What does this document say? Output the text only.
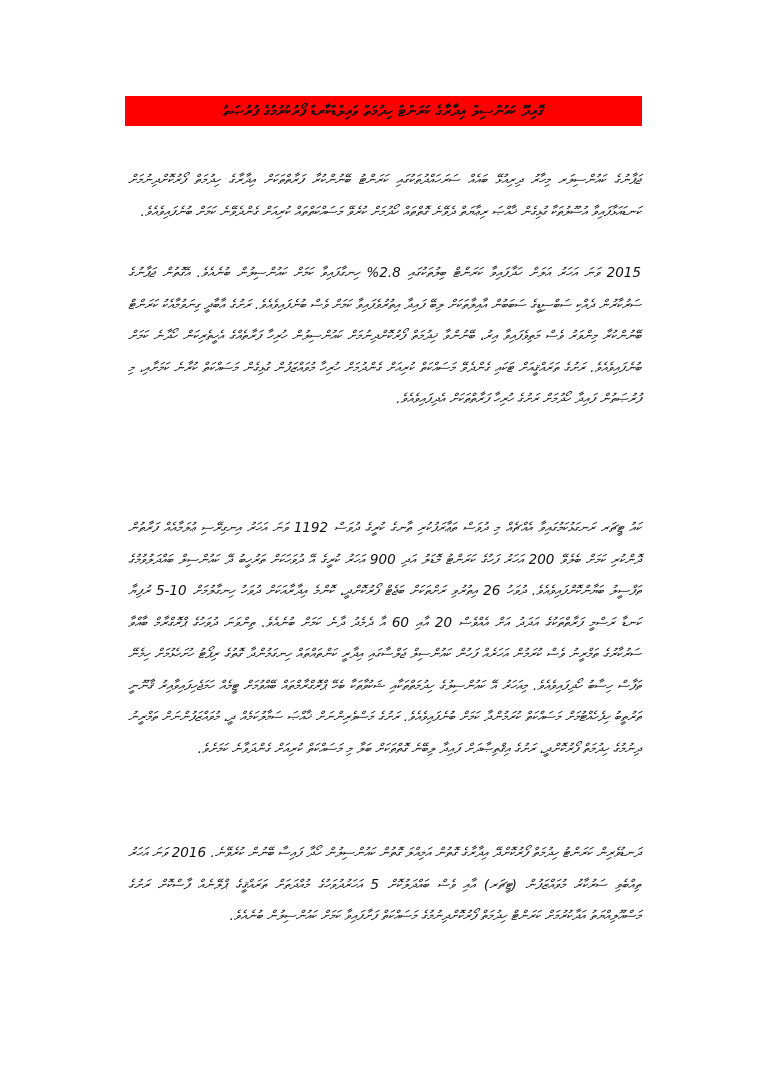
ގޮއިދޫ ކައުންސިލް އިދާރާގެ ކަރަންޓް ހިދުމަތް ވައިލްޑްކާރޑް ފޯރުކުރުމުގެ ފުރުޞަތު
ޖަޕާނުގެ ކައުންސިލަރ މިހާރު ދިރިއުޅޭ ބައެއް ސަރަހައްދުތަކުގައި ކަރަންޓު ބޭނުންކުރާ ފަރާތްތަކަށް އިދާރާގެ ހިދުމަތް ފޯރުކޮށްދިނުމަށް ކަނޑައަޅާފައިވާ އުސޫލުތަކާ ގުޅިގެން ޚާއްޞަ ރިޢާޔަތް ދެވޭނެ ގޮތްތައް ހޯދުމަށް ކުރެވޭ މަސައްކަތްތައް ކުރިއަށް ގެންދެވޭނެ ކަމަށް ބުނެފައިވެއެވެ.
2015 ވަނަ އަހަރު އަލަށް ހަދާފައިވާ ކަރަންޓް ބިލުތަކުގައި 2.8% ހިނގާފައިވާ ކަމަށް ކައުންސިލުން ބުނެއެވެ. އެގޮތުން ޖަޕާނުގެ ސަރުކާރުން ދެއްކި ސަބްސިޑީގެ ސަބަބުން އާއިލާތަކަށް ލިބޭ ފައިދާ އިތުރުވެފައިވާ ކަމަށް ވެސް ބުނެފައިވެއެވެ. ރަށުގެ އާބާދީ ގިނަވުމާއެކު ކަރަންޓް ބޭނުންކުރާ މިންވަރު ވެސް މަތިވެފައިވާ އިރު، ބޭނުންވާ ޚިދުމަތް ފޯރުކޮށްދިނުމަށް ކައުންސިލުން ހުރިހާ ފަރާތެއްގެ އެހީތެރިކަން ހޯދާނެ ކަމަށް ބުނެފައިވެއެވެ. ރަށުގެ ތަރައްޤީއަށް ޓަކައި ގެންދެވޭ މަސައްކަތް ކުރިއަށް ގެންދުމަށް ހުރިހާ މުވައްޒަފުން ގުޅިގެން މަސައްކަތް ކުރާނެ ކަމަށާއި، މި ފުރުޞަތުން ފައިދާ ހޯދުމަށް ރަށުގެ ހުރިހާ ފަރާތްތަކަށް އެދިފައިވެއެވެ.
ކައު ޓީޗަރ ރަނގަޅުކަމުގައިވާ އެއްޗެއް މި ދުވަސް ތަޢާރަފުކުރި ތާނގެ ކުރީގެ ދުވަސް 1192 ވަނަ އަހަރު އިނގިރޭސި ޢުލަމާއެއް ފަރާތުން ދޮންކުރި ކަމަށް ބެލެވޭ 200 އަހަރު ފަހުގެ ކަރަންޓު މޮޑަލު އަދި 900 އަހަރު ކުރީގެ އޭ ދުވަހަކަށް ތަރުހީބު ދޭ ކައުންސިލް ބައްދަލުވުމުގެ ތަފްސީލު ބަޔާންކޮށްފައިވެއެވެ. ދުވަހު 26 އިތުރުވި ރަށްތަކަށް ބަޖެޓް ފޯރުކޮށްދީ، ކޮންމެ އިދާރާއަކަށް ދުވަހު ހިނގާލުމަށް 10-5 ރުފިޔާ ކަނޑާ ރަސްމީ ފަރާތްތަކުގެ އަދަދު އަށް އެއްވެސް 20 އާއި 60 އާ ދެމެދު ދާނެ ކަމަށް ބުނެއެވެ. ތިންވަނަ ދުވަހުގެ ޕްރޮގްރާމް ބާއްވާ ސަރުކާރުގެ ތަމްރީނު ވެސް ކުރަމުން އަހަރެއް ފަހުން ކައުންސިލް ޖަލްސާގައި އިދާރީ ކަންތައްތައް ހިނގަމުންދާ ގޮތުގެ ރިޕޯޓު ހުށަހެޅުމަށް ހިމެނޭ ތަފާސް ހިސާބު ހޯދިފައިވެއެވެ. މިއަހަރު އޭ ކައުންސިލުގެ ހިދުމަތްތަކާއި ޝަކުވާތަކާ ބެހޭ ޕްރޮގްރާމްތައް ބޭއްވުމަށް ޓީމެއް ހަމަޖެހިފައިވާއިރު ޤާނޫނީ ތަރުތީބު ހިފެހެއްޓުމަށް މަސައްކަތް ކުރަމުންދާ ކަމަށް ބުނެފައިވެއެވެ. ރަށުގެ މަސްވެރިންނަށް ޚާއްޞަ ސަމާލުކަމެއް ދީ، މުވައްޒަފުންނަށް ތަމްރީނު ދިނުމުގެ ހިދުމަތް ފޯރުކޮށްދީ، ރަށުގެ އިޤްތިޞާދަށް ފައިދާ ލިބޭނެ ގޮތްތަކަށް ބަލާ މި މަސައްކަތް ކުރިއަށް ގެންދަވާނެ ކަމަށެވެ.
ދަނޑުވެރިން ކަރަންޓު ހިދުމަތް ފޯރުކޮށްދޭ އިދާރާގެ ގޮތުން އަމިއްލަ ގޮތުން ކައުންސިލުން ހޯދާ ފައިސާ ބޭނުން ކުރެވޭނެ. 2016 ވަނަ އަހަރު ތިއްބެވި ސަރުކާރު މުވައްޒަފުން (ޓީޗަރ) އާއި ވެސް ބައްދަލުކޮށް 5 އަހަރުދުވަހުގެ މުއްދަތަށް ތަރައްޤީގެ ޕްލޭނެއް ފާސްކޮށް ރަށުގެ މަސްއޫލިއްޔަތު އަދާކުރުމަށް ކަރަންޓް ހިދުމަތް ފޯރުކޮށްދިނުމުގެ މަސައްކަތް ފަށާފައިވާ ކަމަށް ކައުންސިލުން ބުނެއެވެ.
